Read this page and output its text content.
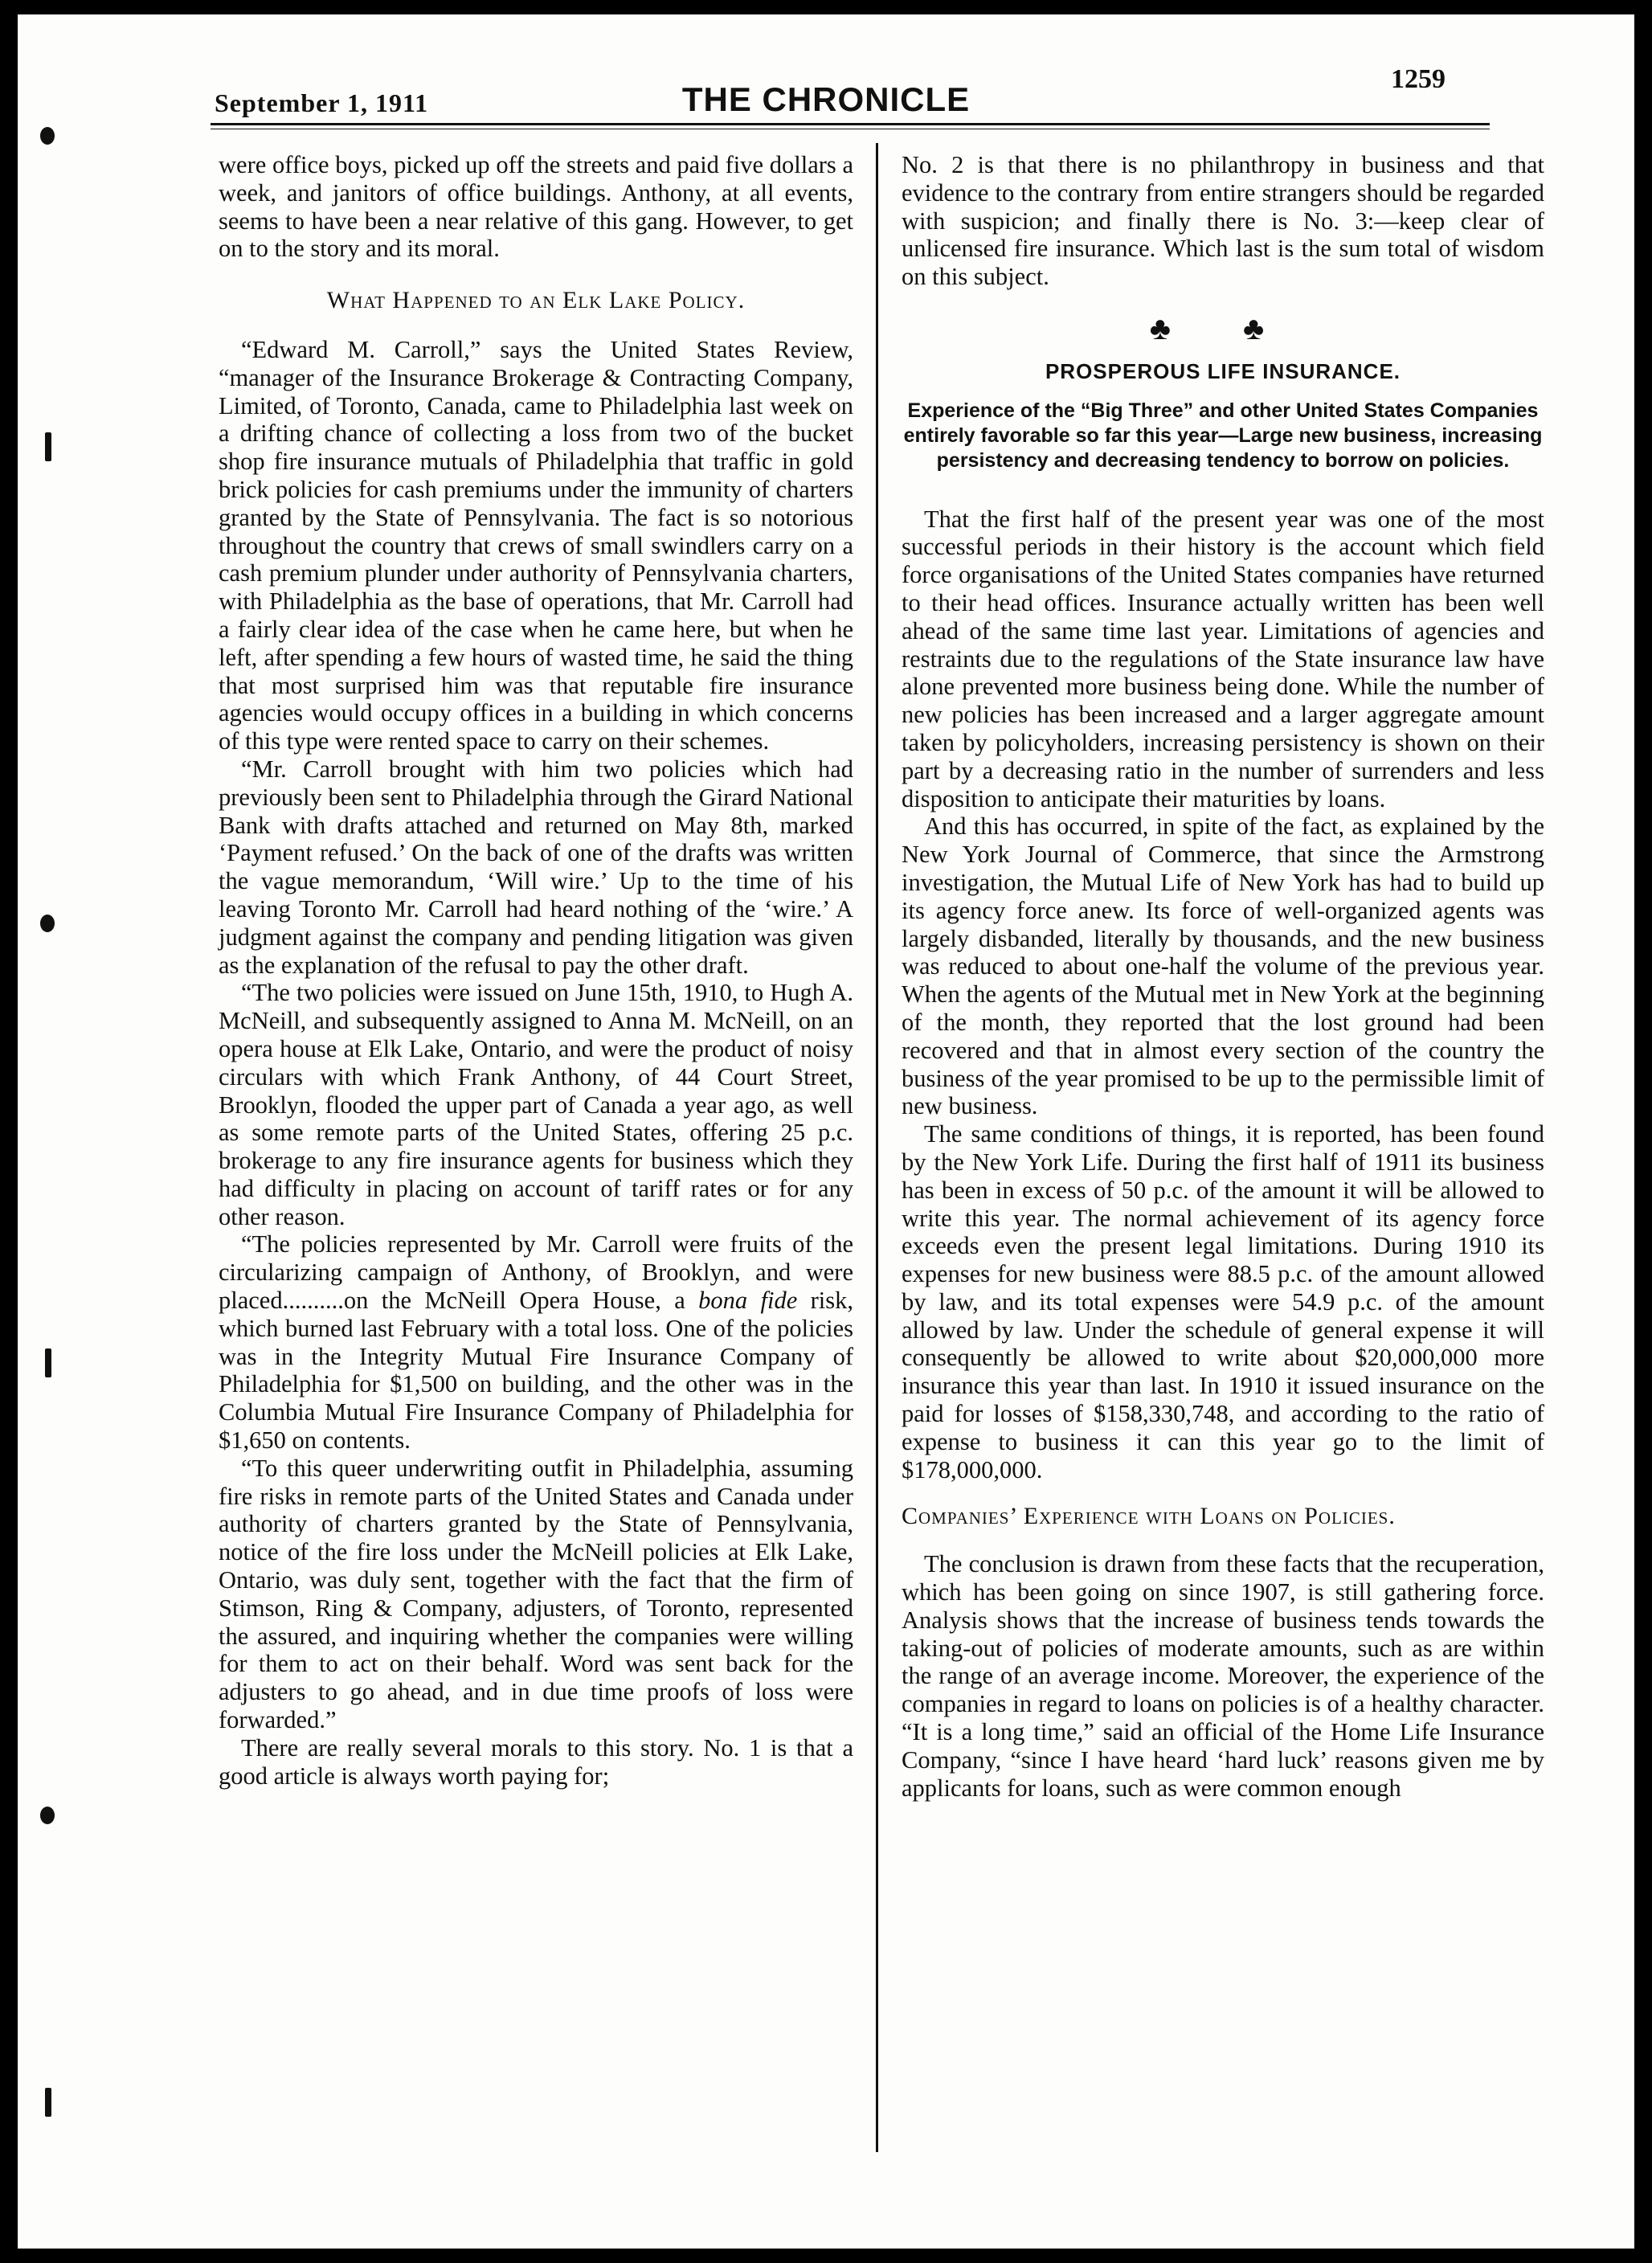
September 1, 1911	THE CHRONICLE
1259

were office boys, picked up off the streets and paid five dollars a week, and janitors of office buildings. Anthony, at all events, seems to have been a near relative of this gang. However, to get on to the story and its moral.

What Happened to an Elk Lake Policy.

“Edward M. Carroll,” says the United States Review, “manager of the Insurance Brokerage & Contracting Company, Limited, of Toronto, Canada, came to Philadelphia last week on a drifting chance of collecting a loss from two of the bucket shop fire insurance mutuals of Philadelphia that traffic in gold brick policies for cash premiums under the immunity of charters granted by the State of Pennsylvania. The fact is so notorious throughout the country that crews of small swindlers carry on a cash premium plunder under authority of Pennsylvania charters, with Philadelphia as the base of operations, that Mr. Carroll had a fairly clear idea of the case when he came here, but when he left, after spending a few hours of wasted time, he said the thing that most surprised him was that reputable fire insurance agencies would occupy offices in a building in which concerns of this type were rented space to carry on their schemes.

“Mr. Carroll brought with him two policies which had previously been sent to Philadelphia through the Girard National Bank with drafts attached and returned on May 8th, marked ‘Payment refused.’ On the back of one of the drafts was written the vague memorandum, ‘Will wire.’ Up to the time of his leaving Toronto Mr. Carroll had heard nothing of the ‘wire.’ A judgment against the company and pending litigation was given as the explanation of the refusal to pay the other draft.

“The two policies were issued on June 15th, 1910, to Hugh A. McNeill, and subsequently assigned to Anna M. McNeill, on an opera house at Elk Lake, Ontario, and were the product of noisy circulars with which Frank Anthony, of 44 Court Street, Brooklyn, flooded the upper part of Canada a year ago, as well as some remote parts of the United States, offering 25 p.c. brokerage to any fire insurance agents for business which they had difficulty in placing on account of tariff rates or for any other reason.

“The policies represented by Mr. Carroll were fruits of the circularizing campaign of Anthony, of Brooklyn, and were placed..........on the McNeill Opera House, a bona fide risk, which burned last February with a total loss. One of the policies was in the Integrity Mutual Fire Insurance Company of Philadelphia for $1,500 on building, and the other was in the Columbia Mutual Fire Insurance Company of Philadelphia for $1,650 on contents.

“To this queer underwriting outfit in Philadelphia, assuming fire risks in remote parts of the United States and Canada under authority of charters granted by the State of Pennsylvania, notice of the fire loss under the McNeill policies at Elk Lake, Ontario, was duly sent, together with the fact that the firm of Stimson, Ring & Company, adjusters, of Toronto, represented the assured, and inquiring whether the companies were willing for them to act on their behalf. Word was sent back for the adjusters to go ahead, and in due time proofs of loss were forwarded.”

There are really several morals to this story. No. 1 is that a good article is always worth paying for;

No. 2 is that there is no philanthropy in business and that evidence to the contrary from entire strangers should be regarded with suspicion; and finally there is No. 3:—keep clear of unlicensed fire insurance. Which last is the sum total of wisdom on this subject.

♣ ♣
PROSPEROUS LIFE INSURANCE.
Experience of the “Big Three” and other United States Companies entirely favorable so far this year—Large new business, increasing persistency and decreasing tendency to borrow on policies.

That the first half of the present year was one of the most successful periods in their history is the account which field force organisations of the United States companies have returned to their head offices. Insurance actually written has been well ahead of the same time last year. Limitations of agencies and restraints due to the regulations of the State insurance law have alone prevented more business being done. While the number of new policies has been increased and a larger aggregate amount taken by policyholders, increasing persistency is shown on their part by a decreasing ratio in the number of surrenders and less disposition to anticipate their maturities by loans.

And this has occurred, in spite of the fact, as explained by the New York Journal of Commerce, that since the Armstrong investigation, the Mutual Life of New York has had to build up its agency force anew. Its force of well-organized agents was largely disbanded, literally by thousands, and the new business was reduced to about one-half the volume of the previous year. When the agents of the Mutual met in New York at the beginning of the month, they reported that the lost ground had been recovered and that in almost every section of the country the business of the year promised to be up to the permissible limit of new business.

The same conditions of things, it is reported, has been found by the New York Life. During the first half of 1911 its business has been in excess of 50 p.c. of the amount it will be allowed to write this year. The normal achievement of its agency force exceeds even the present legal limitations. During 1910 its expenses for new business were 88.5 p.c. of the amount allowed by law, and its total expenses were 54.9 p.c. of the amount allowed by law. Under the schedule of general expense it will consequently be allowed to write about $20,000,000 more insurance this year than last. In 1910 it issued insurance on the paid for losses of $158,330,748, and according to the ratio of expense to business it can this year go to the limit of $178,000,000.

Companies’ Experience with Loans on Policies.

The conclusion is drawn from these facts that the recuperation, which has been going on since 1907, is still gathering force. Analysis shows that the increase of business tends towards the taking-out of policies of moderate amounts, such as are within the range of an average income. Moreover, the experience of the companies in regard to loans on policies is of a healthy character. “It is a long time,” said an official of the Home Life Insurance Company, “since I have heard ‘hard luck’ reasons given me by applicants for loans, such as were common enough
